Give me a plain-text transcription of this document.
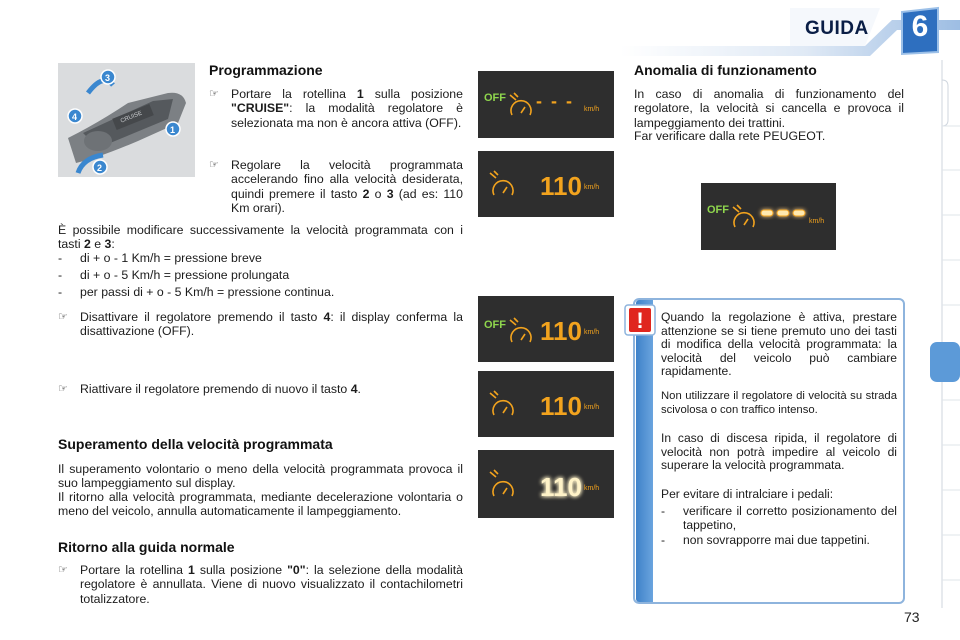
GUIDA	6
CRUISE
3
4
1
2
Programmazione
☞ Portare la rotellina 1 sulla posizione "CRUISE": la modalità regolatore è selezionata ma non è ancora attiva (OFF).
☞ Regolare la velocità programmata accelerando fino alla velocità desiderata, quindi premere il tasto 2 o 3 (ad es: 110 Km orari).
È possibile modificare successivamente la velocità programmata con i tasti 2 e 3:
- di + o - 1 Km/h = pressione breve
- di + o - 5 Km/h = pressione prolungata
- per passi di + o - 5 Km/h = pressione continua.
☞ Disattivare il regolatore premendo il tasto 4: il display conferma la disattivazione (OFF).
☞ Riattivare il regolatore premendo di nuovo il tasto 4.
Superamento della velocità programmata
Il superamento volontario o meno della velocità programmata provoca il suo lampeggiamento sul display.
Il ritorno alla velocità programmata, mediante decelerazione volontaria o meno del veicolo, annulla automaticamente il lampeggiamento.
Ritorno alla guida normale
☞ Portare la rotellina 1 sulla posizione "0": la selezione della modalità regolatore è annullata. Viene di nuovo visualizzato il contachilometri totalizzatore.
OFF - - - km/h
110 km/h
OFF 110 km/h
110 km/h
110 km/h
Anomalia di funzionamento
In caso di anomalia di funzionamento del regolatore, la velocità si cancella e provoca il lampeggiamento dei trattini.
Far verificare dalla rete PEUGEOT.
OFF
km/h
! Quando la regolazione è attiva, prestare attenzione se si tiene premuto uno dei tasti di modifica della velocità programmata: la velocità del veicolo può cambiare rapidamente.
Non utilizzare il regolatore di velocità su strada scivolosa o con traffico intenso.
In caso di discesa ripida, il regolatore di velocità non potrà impedire al veicolo di superare la velocità programmata.
Per evitare di intralciare i pedali:
- verificare il corretto posizionamento del tappetino,
- non sovrapporre mai due tappetini.
73
